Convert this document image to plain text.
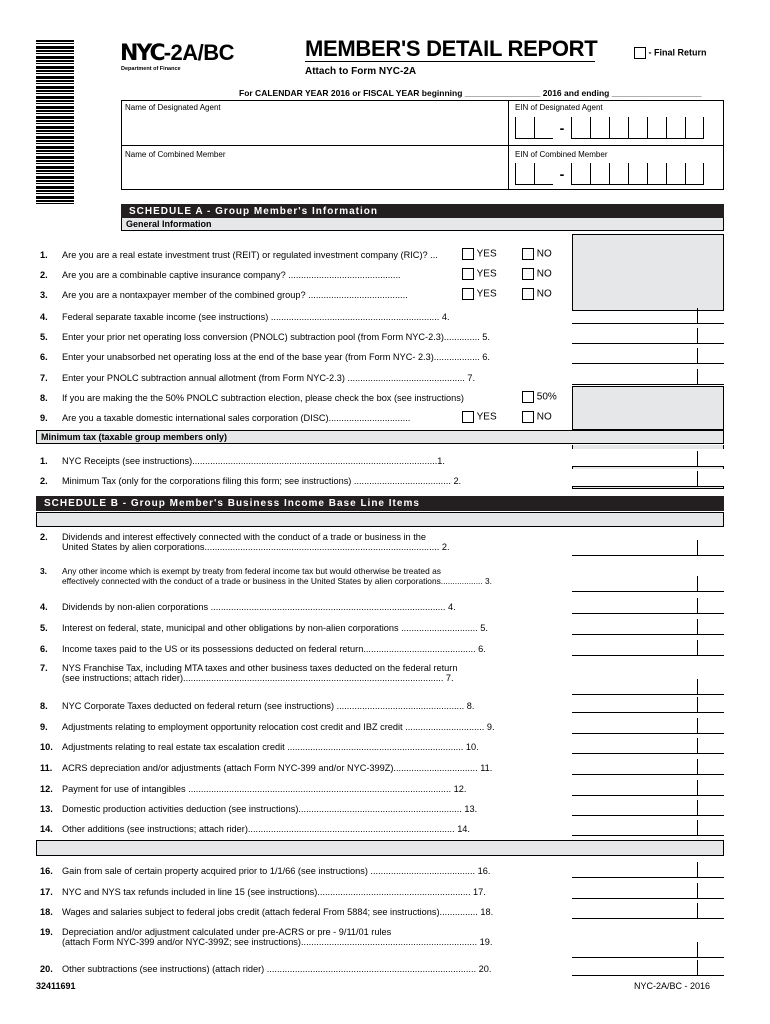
NYC-2A/BC
Department of Finance
MEMBER'S DETAIL REPORT
Attach to Form NYC-2A
- Final Return
For CALENDAR YEAR 2016 or FISCAL YEAR beginning ________________ 2016 and ending ___________________
Name of Designated Agent	EIN of Designated Agent
-
Name of Combined Member	EIN of Combined Member
-
SCHEDULE A - Group Member's Information
General Information
1. Are you are a real estate investment trust (REIT) or regulated investment company (RIC)? ...	YES	NO
2. Are you are a combinable captive insurance company? ............................................	YES	NO
3. Are you are a nontaxpayer member of the combined group? .......................................	YES	NO
4. Federal separate taxable income (see instructions) .................................................................. 4.
5. Enter your prior net operating loss conversion (PNOLC) subtraction pool (from Form NYC-2.3).............. 5.
6. Enter your unabsorbed net operating loss at the end of the base year (from Form NYC- 2.3).................. 6.
7. Enter your PNOLC subtraction annual allotment (from Form NYC-2.3) .............................................. 7.
8. If you are making the the 50% PNOLC subtraction election, please check the box (see instructions)	50%
9. Are you a taxable domestic international sales corporation (DISC)................................	YES	NO
Minimum tax (taxable group members only)
1. NYC Receipts (see instructions)................................................................................................1.
2. Minimum Tax (only for the corporations filing this form; see instructions) ...................................... 2.
SCHEDULE B - Group Member's Business Income Base Line Items
2. Dividends and interest effectively connected with the conduct of a trade or business in the
United States by alien corporations............................................................................................ 2.
3. Any other income which is exempt by treaty from federal income tax but would otherwise be treated as
effectively connected with the conduct of a trade or business in the United States by alien corporations.................. 3.
4. Dividends by non-alien corporations ............................................................................................ 4.
5. Interest on federal, state, municipal and other obligations by non-alien corporations .............................. 5.
6. Income taxes paid to the US or its possessions deducted on federal return............................................ 6.
7. NYS Franchise Tax, including MTA taxes and other business taxes deducted on the federal return
(see instructions; attach rider)...................................................................................................... 7.
8. NYC Corporate Taxes deducted on federal return (see instructions) .................................................. 8.
9. Adjustments relating to employment opportunity relocation cost credit and IBZ credit ............................... 9.
10. Adjustments relating to real estate tax escalation credit ..................................................................... 10.
11. ACRS depreciation and/or adjustments (attach Form NYC-399 and/or NYC-399Z)................................. 11.
12. Payment for use of intangibles ....................................................................................................... 12.
13. Domestic production activities deduction (see instructions)................................................................ 13.
14. Other additions (see instructions; attach rider)................................................................................. 14.
16. Gain from sale of certain property acquired prior to 1/1/66 (see instructions) ......................................... 16.
17. NYC and NYS tax refunds included in line 15 (see instructions)............................................................ 17.
18. Wages and salaries subject to federal jobs credit (attach federal From 5884; see instructions)............... 18.
19. Depreciation and/or adjustment calculated under pre-ACRS or pre - 9/11/01 rules
(attach Form NYC-399 and/or NYC-399Z; see instructions)..................................................................... 19.
20. Other subtractions (see instructions) (attach rider) .................................................................................. 20.
32411691	NYC-2A/BC - 2016
